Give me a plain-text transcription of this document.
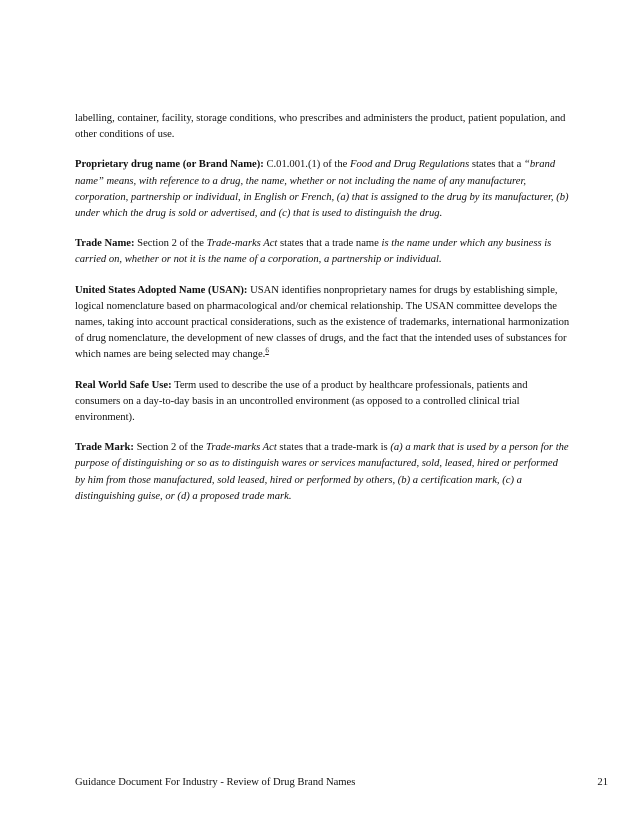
labelling, container, facility, storage conditions, who prescribes and administers the product, patient population, and other conditions of use.

Proprietary drug name (or Brand Name): C.01.001.(1) of the Food and Drug Regulations states that a “brand name” means, with reference to a drug, the name, whether or not including the name of any manufacturer, corporation, partnership or individual, in English or French, (a) that is assigned to the drug by its manufacturer, (b) under which the drug is sold or advertised, and (c) that is used to distinguish the drug.

Trade Name: Section 2 of the Trade-marks Act states that a trade name is the name under which any business is carried on, whether or not it is the name of a corporation, a partnership or individual.

United States Adopted Name (USAN): USAN identifies nonproprietary names for drugs by establishing simple, logical nomenclature based on pharmacological and/or chemical relationship. The USAN committee develops the names, taking into account practical considerations, such as the existence of trademarks, international harmonization of drug nomenclature, the development of new classes of drugs, and the fact that the intended uses of substances for which names are being selected may change.$^6$

Real World Safe Use: Term used to describe the use of a product by healthcare professionals, patients and consumers on a day-to-day basis in an uncontrolled environment (as opposed to a controlled clinical trial environment).

Trade Mark: Section 2 of the Trade-marks Act states that a trade-mark is (a) a mark that is used by a person for the purpose of distinguishing or so as to distinguish wares or services manufactured, sold, leased, hired or performed by him from those manufactured, sold leased, hired or performed by others, (b) a certification mark, (c) a distinguishing guise, or (d) a proposed trade mark.

Guidance Document For Industry - Review of Drug Brand Names	21
